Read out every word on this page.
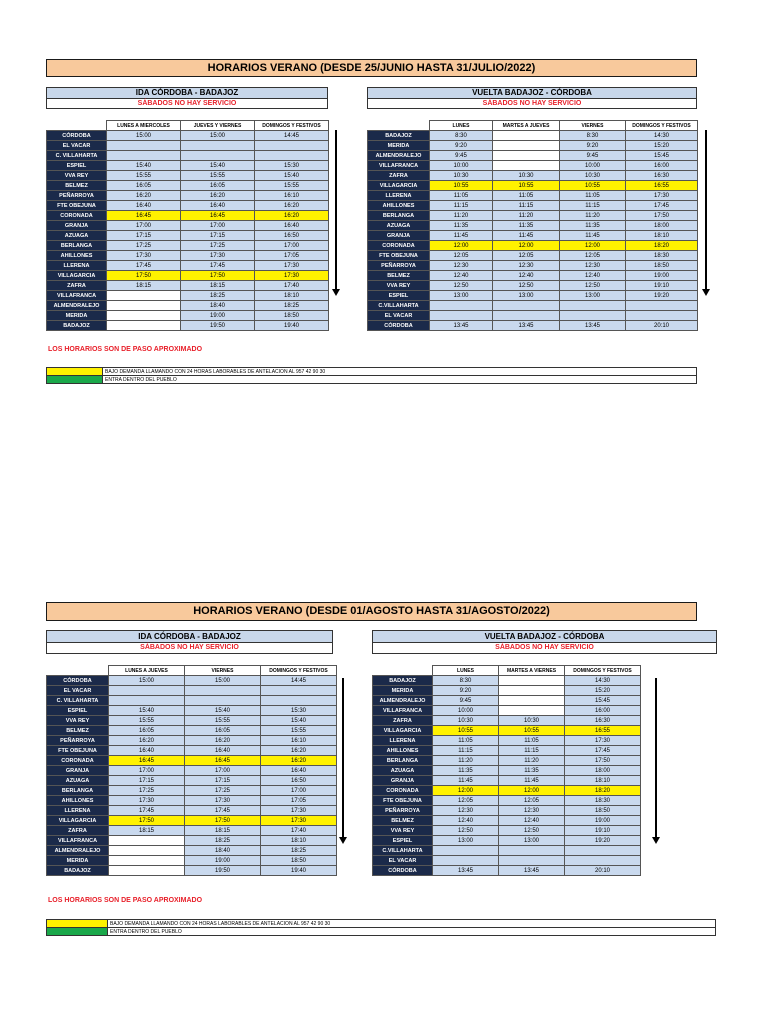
HORARIOS VERANO (DESDE 25/JUNIO HASTA 31/JULIO/2022)
IDA CÓRDOBA - BADAJOZ
SÁBADOS NO HAY SERVICIO
	LUNES A MIERCOLES	JUEVES Y VIERNES	DOMINGOS Y FESTIVOS
CÓRDOBA	15:00	15:00	14:45
EL VACAR			
C. VILLAHARTA			
ESPIEL	15:40	15:40	15:30
VVA REY	15:55	15:55	15:40
BELMEZ	16:05	16:05	15:55
PEÑARROYA	16:20	16:20	16:10
FTE OBEJUNA	16:40	16:40	16:20
CORONADA	16:45	16:45	16:20
GRANJA	17:00	17:00	16:40
AZUAGA	17:15	17:15	16:50
BERLANGA	17:25	17:25	17:00
AHILLONES	17:30	17:30	17:05
LLERENA	17:45	17:45	17:30
VILLAGARCIA	17:50	17:50	17:30
ZAFRA	18:15	18:15	17:40
VILLAFRANCA		18:25	18:10
ALMENDRALEJO		18:40	18:25
MERIDA		19:00	18:50
BADAJOZ		19:50	19:40
VUELTA BADAJOZ - CÓRDOBA
SÁBADOS NO HAY SERVICIO
	LUNES	MARTES A JUEVES	VIERNES	DOMINGOS Y FESTIVOS
BADAJOZ	8:30		8:30	14:30
MERIDA	9:20		9:20	15:20
ALMENDRALEJO	9:45		9:45	15:45
VILLAFRANCA	10:00		10:00	16:00
ZAFRA	10:30	10:30	10:30	16:30
VILLAGARCIA	10:55	10:55	10:55	16:55
LLERENA	11:05	11:05	11:05	17:30
AHILLONES	11:15	11:15	11:15	17:45
BERLANGA	11:20	11:20	11:20	17:50
AZUAGA	11:35	11:35	11:35	18:00
GRANJA	11:45	11:45	11:45	18:10
CORONADA	12:00	12:00	12:00	18:20
FTE OBEJUNA	12:05	12:05	12:05	18:30
PEÑARROYA	12:30	12:30	12:30	18:50
BELMEZ	12:40	12:40	12:40	19:00
VVA REY	12:50	12:50	12:50	19:10
ESPIEL	13:00	13:00	13:00	19:20
C.VILLAHARTA				
EL VACAR				
CÓRDOBA	13:45	13:45	13:45	20:10
LOS HORARIOS SON DE PASO APROXIMADO
	BAJO DEMANDA LLAMANDO CON 24 HORAS LABORABLES DE ANTELACION AL 957 42 90 30
	ENTRA DENTRO DEL PUEBLO
HORARIOS VERANO (DESDE 01/AGOSTO HASTA 31/AGOSTO/2022)
IDA CÓRDOBA - BADAJOZ
SÁBADOS NO HAY SERVICIO
	LUNES A JUEVES	VIERNES	DOMINGOS Y FESTIVOS
CÓRDOBA	15:00	15:00	14:45
EL VACAR			
C. VILLAHARTA			
ESPIEL	15:40	15:40	15:30
VVA REY	15:55	15:55	15:40
BELMEZ	16:05	16:05	15:55
PEÑARROYA	16:20	16:20	16:10
FTE OBEJUNA	16:40	16:40	16:20
CORONADA	16:45	16:45	16:20
GRANJA	17:00	17:00	16:40
AZUAGA	17:15	17:15	16:50
BERLANGA	17:25	17:25	17:00
AHILLONES	17:30	17:30	17:05
LLERENA	17:45	17:45	17:30
VILLAGARCIA	17:50	17:50	17:30
ZAFRA	18:15	18:15	17:40
VILLAFRANCA		18:25	18:10
ALMENDRALEJO		18:40	18:25
MERIDA		19:00	18:50
BADAJOZ		19:50	19:40
VUELTA BADAJOZ - CÓRDOBA
SÁBADOS NO HAY SERVICIO
	LUNES	MARTES A VIERNES	DOMINGOS Y FESTIVOS
BADAJOZ	8:30		14:30
MERIDA	9:20		15:20
ALMENDRALEJO	9:45		15:45
VILLAFRANCA	10:00		16:00
ZAFRA	10:30	10:30	16:30
VILLAGARCIA	10:55	10:55	16:55
LLERENA	11:05	11:05	17:30
AHILLONES	11:15	11:15	17:45
BERLANGA	11:20	11:20	17:50
AZUAGA	11:35	11:35	18:00
GRANJA	11:45	11:45	18:10
CORONADA	12:00	12:00	18:20
FTE OBEJUNA	12:05	12:05	18:30
PEÑARROYA	12:30	12:30	18:50
BELMEZ	12:40	12:40	19:00
VVA REY	12:50	12:50	19:10
ESPIEL	13:00	13:00	19:20
C.VILLAHARTA			
EL VACAR			
CÓRDOBA	13:45	13:45	20:10
LOS HORARIOS SON DE PASO APROXIMADO
	BAJO DEMANDA LLAMANDO CON 24 HORAS LABORABLES DE ANTELACION AL 957 42 90 30
	ENTRA DENTRO DEL PUEBLO
